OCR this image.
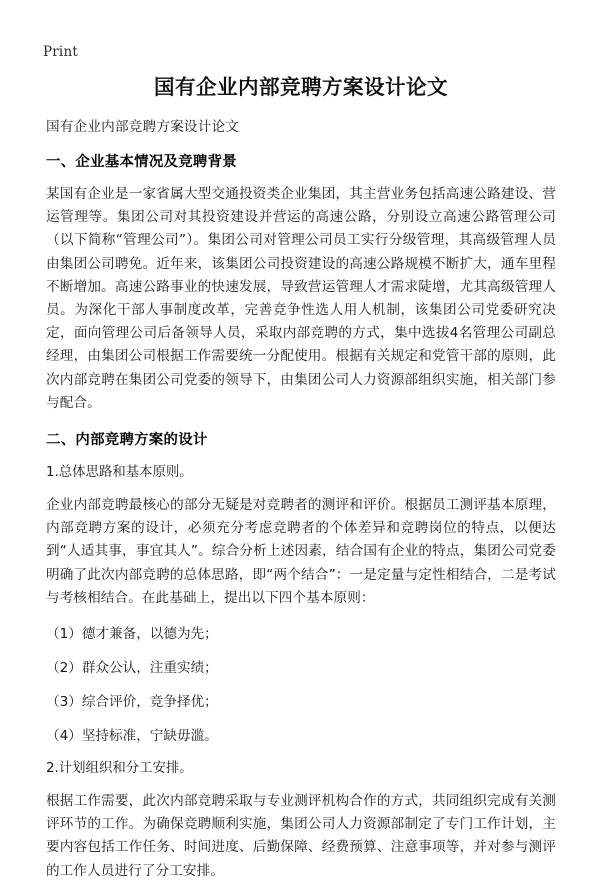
Print
国有企业内部竞聘方案设计论文

国有企业内部竞聘方案设计论文

一、企业基本情况及竞聘背景

某国有企业是一家省属大型交通投资类企业集团，其主营业务包括高速公路建设、营运管理等。集团公司对其投资建设并营运的高速公路，分别设立高速公路管理公司（以下简称“管理公司”）。集团公司对管理公司员工实行分级管理，其高级管理人员由集团公司聘免。近年来，该集团公司投资建设的高速公路规模不断扩大，通车里程不断增加。高速公路事业的快速发展，导致营运管理人才需求陡增，尤其高级管理人员。为深化干部人事制度改革，完善竞争性选人用人机制，该集团公司党委研究决定，面向管理公司后备领导人员，采取内部竞聘的方式，集中选拔4名管理公司副总经理，由集团公司根据工作需要统一分配使用。根据有关规定和党管干部的原则，此次内部竞聘在集团公司党委的领导下，由集团公司人力资源部组织实施，相关部门参与配合。

二、内部竞聘方案的设计

1.总体思路和基本原则。

企业内部竞聘最核心的部分无疑是对竞聘者的测评和评价。根据员工测评基本原理，内部竞聘方案的设计，必须充分考虑竞聘者的个体差异和竞聘岗位的特点，以便达到“人适其事，事宜其人”。综合分析上述因素，结合国有企业的特点，集团公司党委明确了此次内部竞聘的总体思路，即“两个结合”：一是定量与定性相结合，二是考试与考核相结合。在此基础上，提出以下四个基本原则：

（1）德才兼备，以德为先；

（2）群众公认，注重实绩；

（3）综合评价，竞争择优；

（4）坚持标准，宁缺毋滥。

2.计划组织和分工安排。

根据工作需要，此次内部竞聘采取与专业测评机构合作的方式，共同组织完成有关测评环节的工作。为确保竞聘顺利实施，集团公司人力资源部制定了专门工作计划，主要内容包括工作任务、时间进度、后勤保障、经费预算、注意事项等，并对参与测评的工作人员进行了分工安排。
